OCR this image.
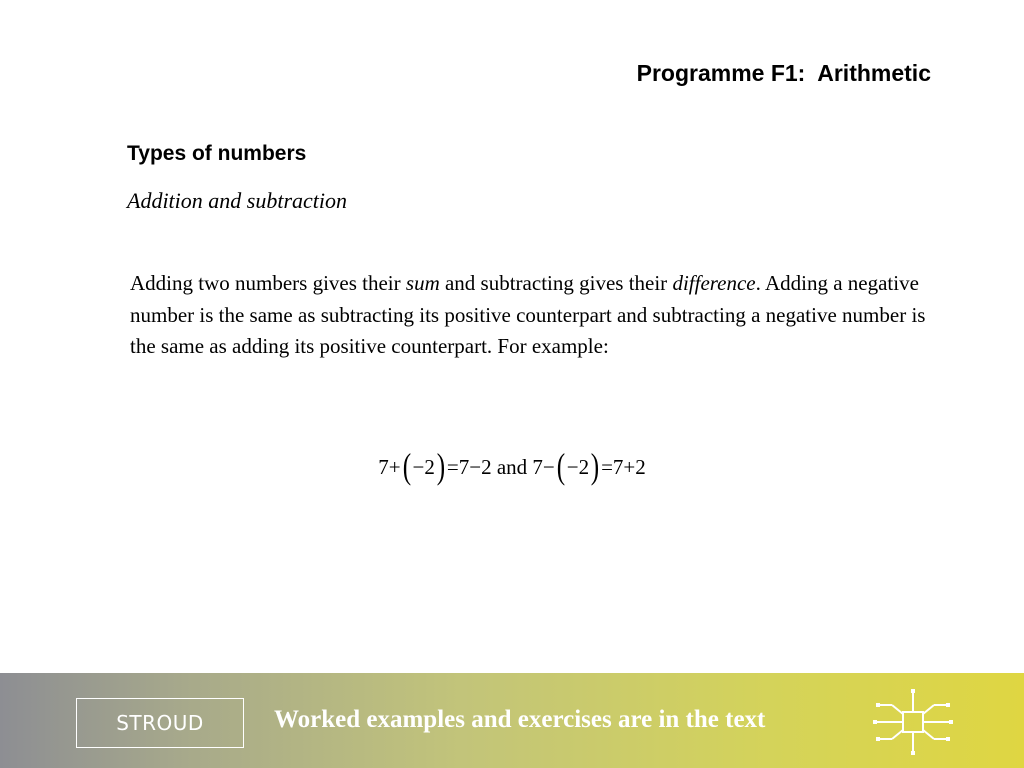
Programme F1:  Arithmetic
Types of numbers
Addition and subtraction
Adding two numbers gives their sum and subtracting gives their difference. Adding a negative number is the same as subtracting its positive counterpart and subtracting a negative number is the same as adding its positive counterpart. For example:
7+(−2)=7−2 and 7−(−2)=7+2
STROUD	Worked examples and exercises are in the text
